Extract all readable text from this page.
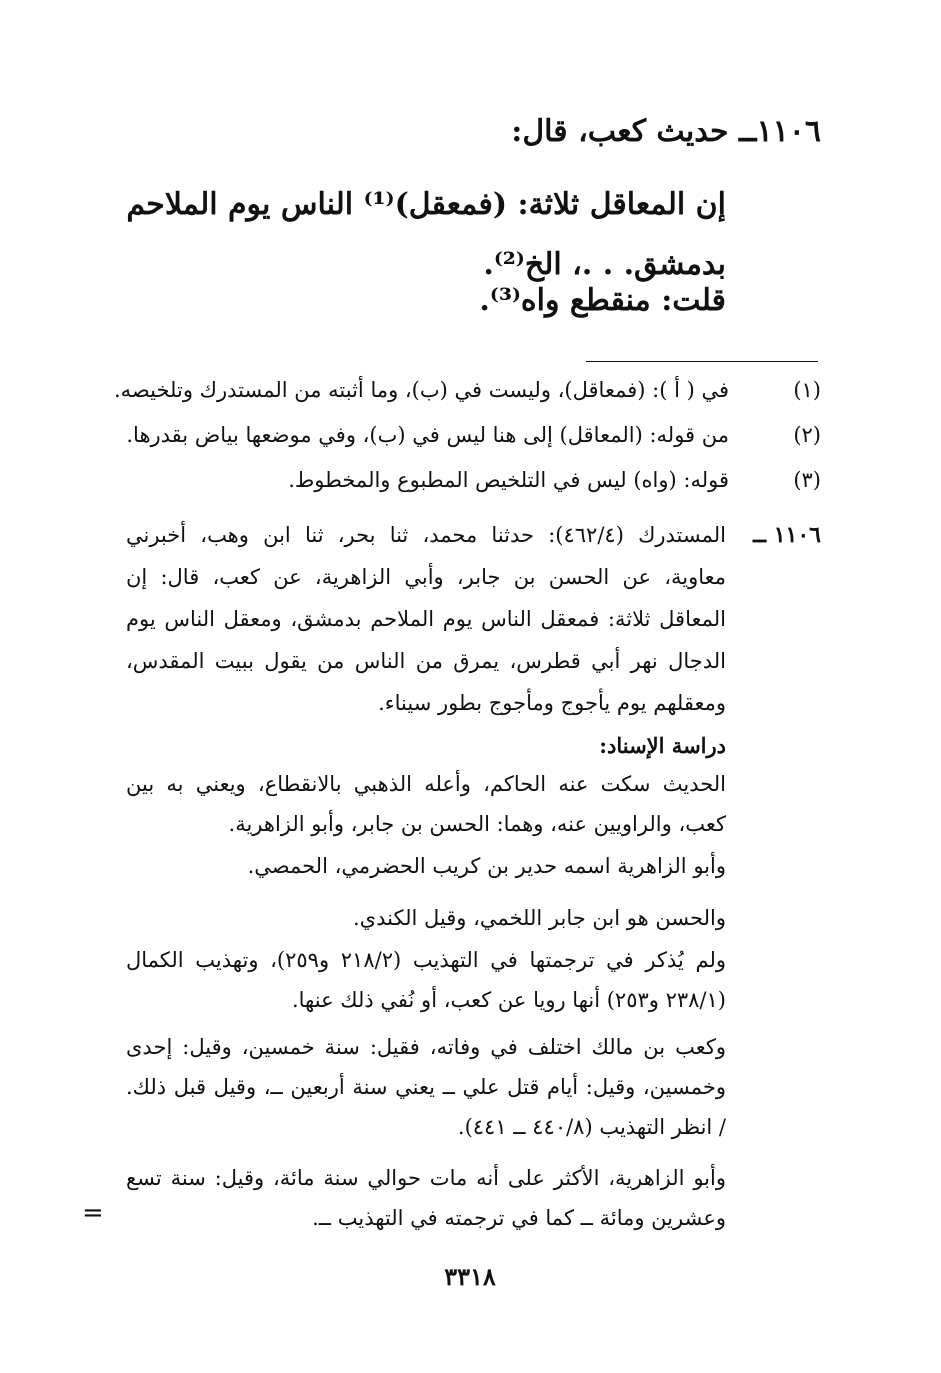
١١٠٦ــ حديث كعب، قال:
إن المعاقل ثلاثة: (فمعقل)⁽¹⁾ الناس يوم الملاحم بدمشق. . .، الخ⁽²⁾.
قلت: منقطع واه⁽³⁾.
(١)
في ( أ ): (فمعاقل)، وليست في (ب)، وما أثبته من المستدرك وتلخيصه.
(٢)
من قوله: (المعاقل) إلى هنا ليس في (ب)، وفي موضعها بياض بقدرها.
(٣)
قوله: (واه) ليس في التلخيص المطبوع والمخطوط.
١١٠٦ ــ
المستدرك (٤٦٢/٤): حدثنا محمد، ثنا بحر، ثنا ابن وهب، أخبرني معاوية، عن الحسن بن جابر، وأبي الزاهرية، عن كعب، قال: إن المعاقل ثلاثة: فمعقل الناس يوم الملاحم بدمشق، ومعقل الناس يوم الدجال نهر أبي قطرس، يمرق من الناس من يقول ببيت المقدس، ومعقلهم يوم يأجوج ومأجوج بطور سيناء.
دراسة الإسناد:
الحديث سكت عنه الحاكم، وأعله الذهبي بالانقطاع، ويعني به بين كعب، والراويين عنه، وهما: الحسن بن جابر، وأبو الزاهرية.
وأبو الزاهرية اسمه حدير بن كريب الحضرمي، الحمصي.
والحسن هو ابن جابر اللخمي، وقيل الكندي.
ولم يُذكر في ترجمتها في التهذيب (٢١٨/٢ و٢٥٩)، وتهذيب الكمال (٢٣٨/١ و٢٥٣) أنها رويا عن كعب، أو نُفي ذلك عنها.
وكعب بن مالك اختلف في وفاته، فقيل: سنة خمسين، وقيل: إحدى وخمسين، وقيل: أيام قتل علي ــ يعني سنة أربعين ــ، وقيل قبل ذلك. / انظر التهذيب (٤٤٠/٨ ــ ٤٤١).
وأبو الزاهرية، الأكثر على أنه مات حوالي سنة مائة، وقيل: سنة تسع وعشرين ومائة ــ كما في ترجمته في التهذيب ــ.
=
٣٣١٨
